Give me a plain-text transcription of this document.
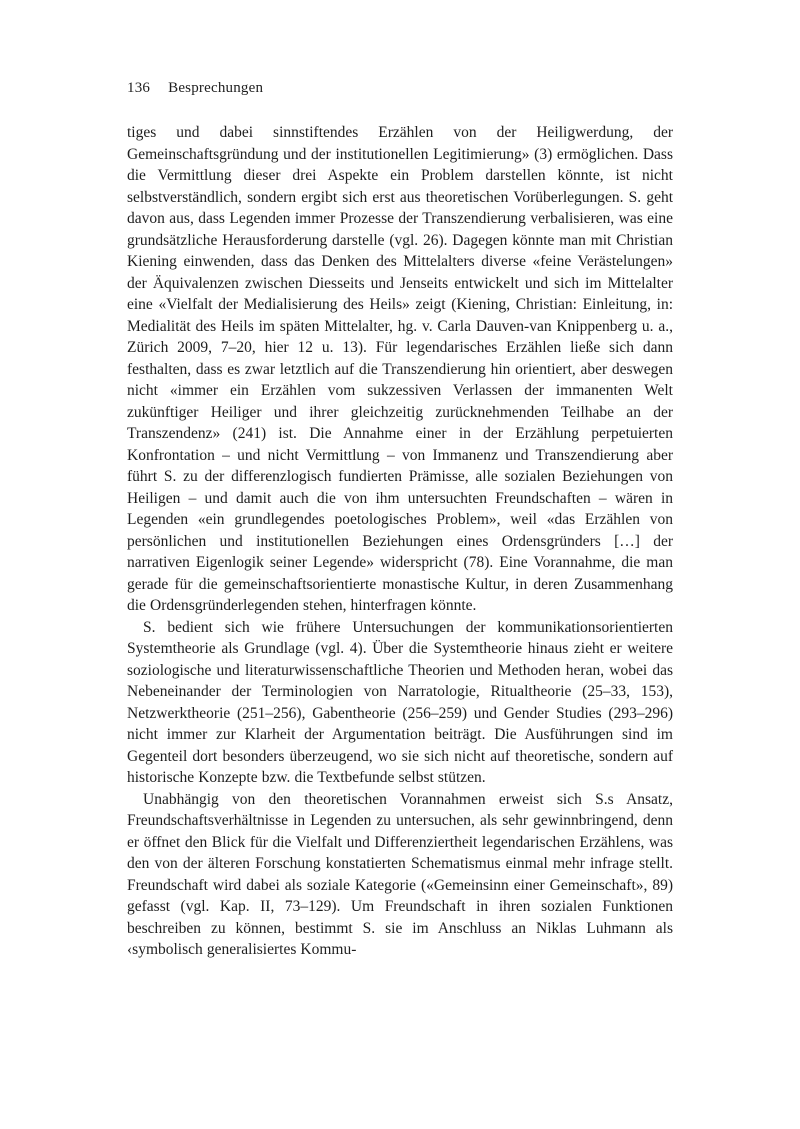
136 Besprechungen

tiges und dabei sinnstiftendes Erzählen von der Heiligwerdung, der Gemeinschaftsgründung und der institutionellen Legitimierung» (3) ermöglichen. Dass die Vermittlung dieser drei Aspekte ein Problem darstellen könnte, ist nicht selbstverständlich, sondern ergibt sich erst aus theoretischen Vorüberlegungen. S. geht davon aus, dass Legenden immer Prozesse der Transzendierung verbalisieren, was eine grundsätzliche Herausforderung darstelle (vgl. 26). Dagegen könnte man mit Christian Kiening einwenden, dass das Denken des Mittelalters diverse «feine Verästelungen» der Äquivalenzen zwischen Diesseits und Jenseits entwickelt und sich im Mittelalter eine «Vielfalt der Medialisierung des Heils» zeigt (Kiening, Christian: Einleitung, in: Medialität des Heils im späten Mittelalter, hg. v. Carla Dauven-van Knippenberg u. a., Zürich 2009, 7–20, hier 12 u. 13). Für legendarisches Erzählen ließe sich dann festhalten, dass es zwar letztlich auf die Transzendierung hin orientiert, aber deswegen nicht «immer ein Erzählen vom sukzessiven Verlassen der immanenten Welt zukünftiger Heiliger und ihrer gleichzeitig zurücknehmenden Teilhabe an der Transzendenz» (241) ist. Die Annahme einer in der Erzählung perpetuierten Konfrontation – und nicht Vermittlung – von Immanenz und Transzendierung aber führt S. zu der differenzlogisch fundierten Prämisse, alle sozialen Beziehungen von Heiligen – und damit auch die von ihm untersuchten Freundschaften – wären in Legenden «ein grundlegendes poetologisches Problem», weil «das Erzählen von persönlichen und institutionellen Beziehungen eines Ordensgründers […] der narrativen Eigenlogik seiner Legende» widerspricht (78). Eine Vorannahme, die man gerade für die gemeinschaftsorientierte monastische Kultur, in deren Zusammenhang die Ordensgründerlegenden stehen, hinterfragen könnte.

S. bedient sich wie frühere Untersuchungen der kommunikationsorientierten Systemtheorie als Grundlage (vgl. 4). Über die Systemtheorie hinaus zieht er weitere soziologische und literaturwissenschaftliche Theorien und Methoden heran, wobei das Nebeneinander der Terminologien von Narratologie, Ritualtheorie (25–33, 153), Netzwerktheorie (251–256), Gabentheorie (256–259) und Gender Studies (293–296) nicht immer zur Klarheit der Argumentation beiträgt. Die Ausführungen sind im Gegenteil dort besonders überzeugend, wo sie sich nicht auf theoretische, sondern auf historische Konzepte bzw. die Textbefunde selbst stützen.

Unabhängig von den theoretischen Vorannahmen erweist sich S.s Ansatz, Freundschaftsverhältnisse in Legenden zu untersuchen, als sehr gewinnbringend, denn er öffnet den Blick für die Vielfalt und Differenziertheit legendarischen Erzählens, was den von der älteren Forschung konstatierten Schematismus einmal mehr infrage stellt. Freundschaft wird dabei als soziale Kategorie («Gemeinsinn einer Gemeinschaft», 89) gefasst (vgl. Kap. II, 73–129). Um Freundschaft in ihren sozialen Funktionen beschreiben zu können, bestimmt S. sie im Anschluss an Niklas Luhmann als ‹symbolisch generalisiertes Kommu-
